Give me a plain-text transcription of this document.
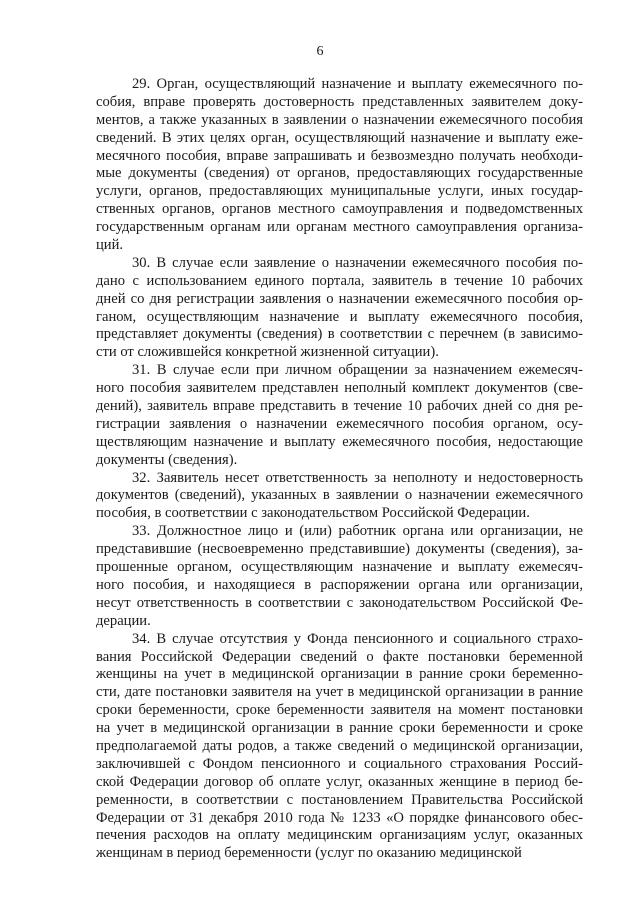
6
29. Орган, осуществляющий назначение и выплату ежемесячного по-
собия, вправе проверять достоверность представленных заявителем доку-
ментов, а также указанных в заявлении о назначении ежемесячного пособия
сведений. В этих целях орган, осуществляющий назначение и выплату еже-
месячного пособия, вправе запрашивать и безвозмездно получать необходи-
мые документы (сведения) от органов, предоставляющих государственные
услуги, органов, предоставляющих муниципальные услуги, иных государ-
ственных органов, органов местного самоуправления и подведомственных
государственным органам или органам местного самоуправления организа-
ций.
30. В случае если заявление о назначении ежемесячного пособия по-
дано с использованием единого портала, заявитель в течение 10 рабочих
дней со дня регистрации заявления о назначении ежемесячного пособия ор-
ганом, осуществляющим назначение и выплату ежемесячного пособия,
представляет документы (сведения) в соответствии с перечнем (в зависимо-
сти от сложившейся конкретной жизненной ситуации).
31. В случае если при личном обращении за назначением ежемесяч-
ного пособия заявителем представлен неполный комплект документов (све-
дений), заявитель вправе представить в течение 10 рабочих дней со дня ре-
гистрации заявления о назначении ежемесячного пособия органом, осу-
ществляющим назначение и выплату ежемесячного пособия, недостающие
документы (сведения).
32. Заявитель несет ответственность за неполноту и недостоверность
документов (сведений), указанных в заявлении о назначении ежемесячного
пособия, в соответствии с законодательством Российской Федерации.
33. Должностное лицо и (или) работник органа или организации, не
представившие (несвоевременно представившие) документы (сведения), за-
прошенные органом, осуществляющим назначение и выплату ежемесяч-
ного пособия, и находящиеся в распоряжении органа или организации,
несут ответственность в соответствии с законодательством Российской Фе-
дерации.
34. В случае отсутствия у Фонда пенсионного и социального страхо-
вания Российской Федерации сведений о факте постановки беременной
женщины на учет в медицинской организации в ранние сроки беременно-
сти, дате постановки заявителя на учет в медицинской организации в ранние
сроки беременности, сроке беременности заявителя на момент постановки
на учет в медицинской организации в ранние сроки беременности и сроке
предполагаемой даты родов, а также сведений о медицинской организации,
заключившей с Фондом пенсионного и социального страхования Россий-
ской Федерации договор об оплате услуг, оказанных женщине в период бе-
ременности, в соответствии с постановлением Правительства Российской
Федерации от 31 декабря 2010 года № 1233 «О порядке финансового обес-
печения расходов на оплату медицинским организациям услуг, оказанных
женщинам в период беременности (услуг по оказанию медицинской
